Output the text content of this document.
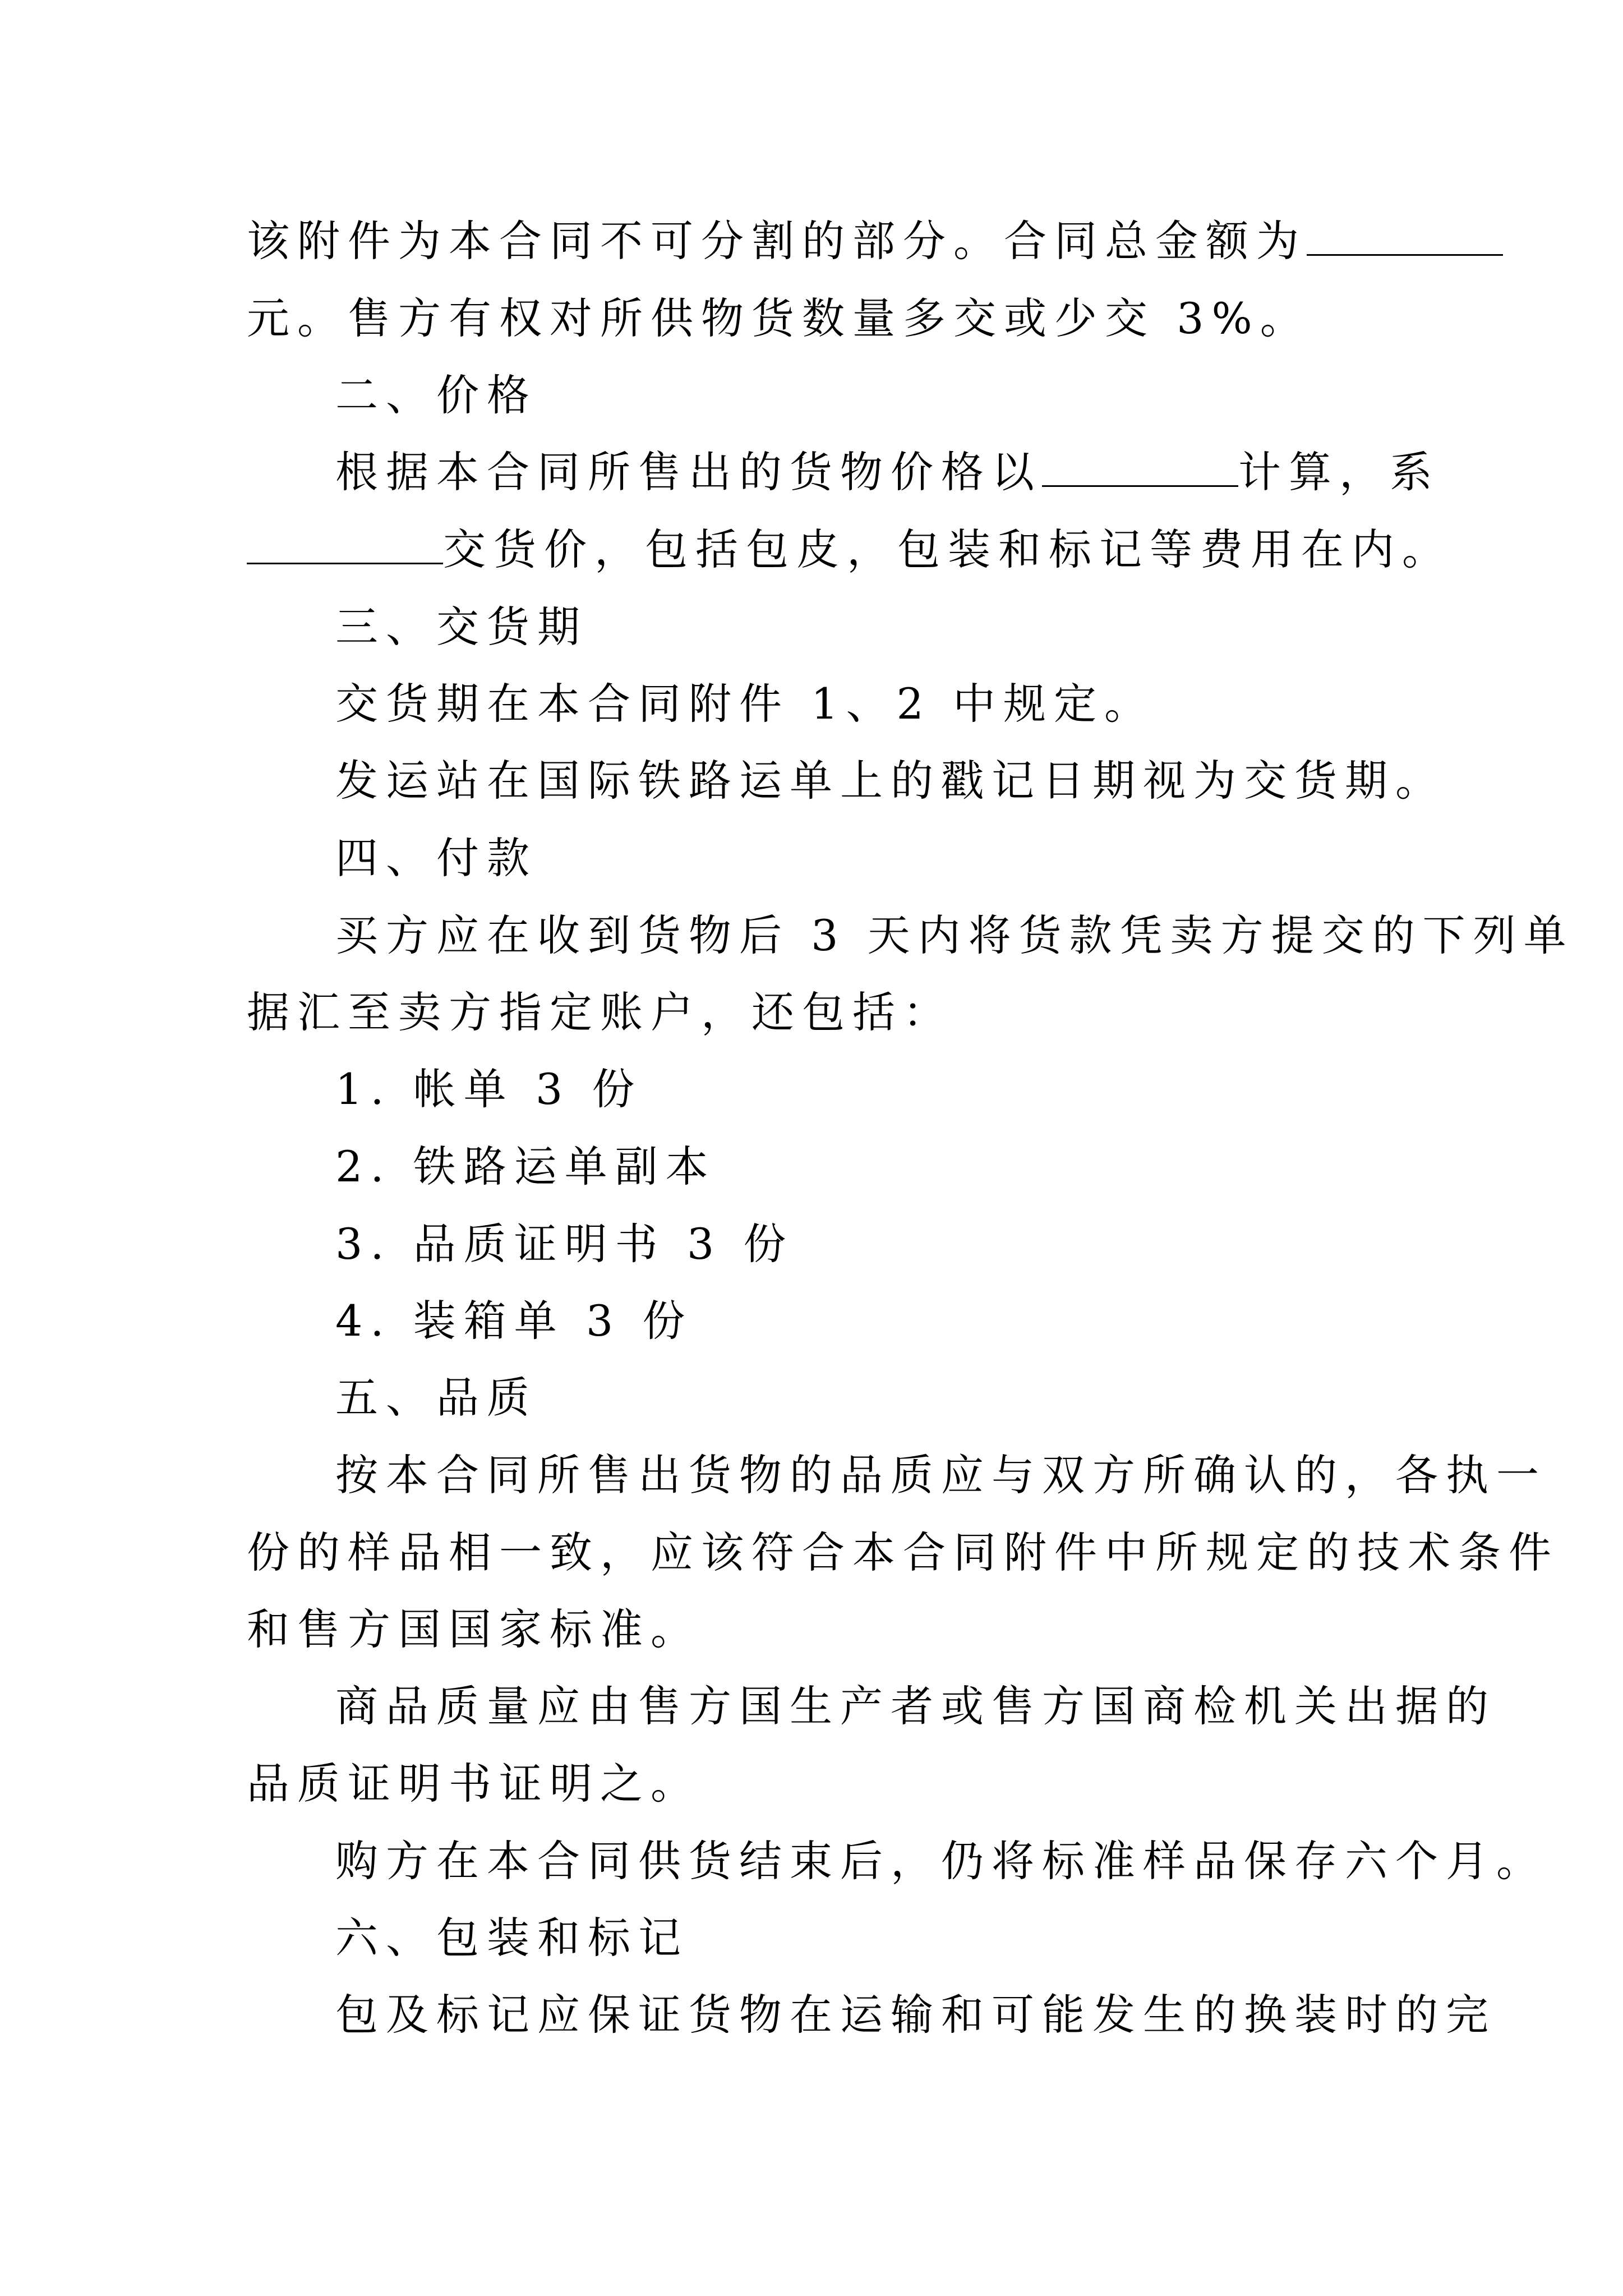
该附件为本合同不可分割的部分。合同总金额为
元。售方有权对所供物货数量多交或少交 3%。
二、价格
根据本合同所售出的货物价格以	计算，系
交货价，包括包皮，包装和标记等费用在内。
三、交货期
交货期在本合同附件 1、2 中规定。
发运站在国际铁路运单上的戳记日期视为交货期。
四、付款
买方应在收到货物后 3 天内将货款凭卖方提交的下列单
据汇至卖方指定账户，还包括：
1. 帐单 3 份
2. 铁路运单副本
3. 品质证明书 3 份
4. 装箱单 3 份
五、品质
按本合同所售出货物的品质应与双方所确认的，各执一
份的样品相一致，应该符合本合同附件中所规定的技术条件
和售方国国家标准。
商品质量应由售方国生产者或售方国商检机关出据的
品质证明书证明之。
购方在本合同供货结束后，仍将标准样品保存六个月。
六、包装和标记
包及标记应保证货物在运输和可能发生的换装时的完
